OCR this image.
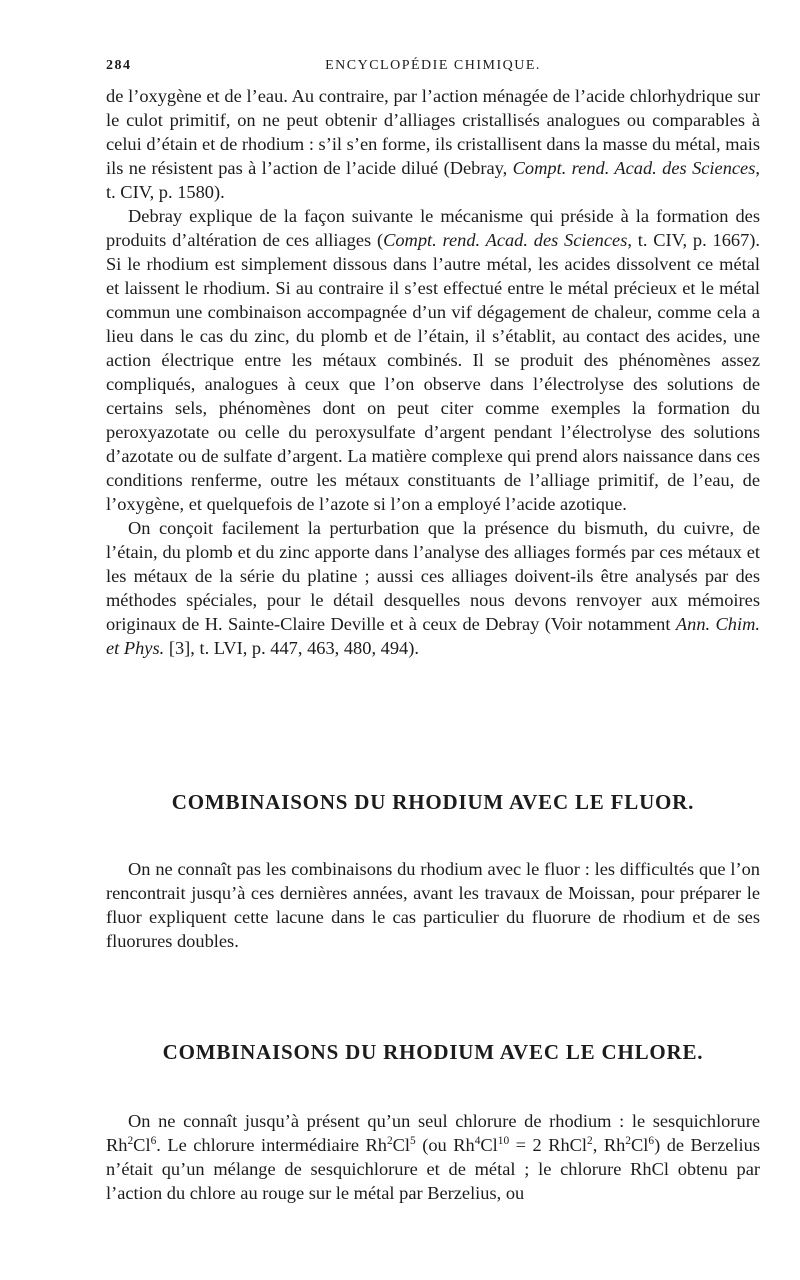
284	ENCYCLOPÉDIE CHIMIQUE.

de l’oxygène et de l’eau. Au contraire, par l’action ménagée de l’acide chlorhydrique sur le culot primitif, on ne peut obtenir d’alliages cristallisés analogues ou comparables à celui d’étain et de rhodium : s’il s’en forme, ils cristallisent dans la masse du métal, mais ils ne résistent pas à l’action de l’acide dilué (Debray, Compt. rend. Acad. des Sciences, t. CIV, p. 1580).

Debray explique de la façon suivante le mécanisme qui préside à la formation des produits d’altération de ces alliages (Compt. rend. Acad. des Sciences, t. CIV, p. 1667). Si le rhodium est simplement dissous dans l’autre métal, les acides dissolvent ce métal et laissent le rhodium. Si au contraire il s’est effectué entre le métal précieux et le métal commun une combinaison accompagnée d’un vif dégagement de chaleur, comme cela a lieu dans le cas du zinc, du plomb et de l’étain, il s’établit, au contact des acides, une action électrique entre les métaux combinés. Il se produit des phénomènes assez compliqués, analogues à ceux que l’on observe dans l’électrolyse des solutions de certains sels, phénomènes dont on peut citer comme exemples la formation du peroxyazotate ou celle du peroxysulfate d’argent pendant l’électrolyse des solutions d’azotate ou de sulfate d’argent. La matière complexe qui prend alors naissance dans ces conditions renferme, outre les métaux constituants de l’alliage primitif, de l’eau, de l’oxygène, et quelquefois de l’azote si l’on a employé l’acide azotique.

On conçoit facilement la perturbation que la présence du bismuth, du cuivre, de l’étain, du plomb et du zinc apporte dans l’analyse des alliages formés par ces métaux et les métaux de la série du platine ; aussi ces alliages doivent-ils être analysés par des méthodes spéciales, pour le détail desquelles nous devons renvoyer aux mémoires originaux de H. Sainte-Claire Deville et à ceux de Debray (Voir notamment Ann. Chim. et Phys. [3], t. LVI, p. 447, 463, 480, 494).

COMBINAISONS DU RHODIUM AVEC LE FLUOR.

On ne connaît pas les combinaisons du rhodium avec le fluor : les difficultés que l’on rencontrait jusqu’à ces dernières années, avant les travaux de Moissan, pour préparer le fluor expliquent cette lacune dans le cas particulier du fluorure de rhodium et de ses fluorures doubles.

COMBINAISONS DU RHODIUM AVEC LE CHLORE.

On ne connaît jusqu’à présent qu’un seul chlorure de rhodium : le sesquichlorure Rh$^2$Cl$^6$. Le chlorure intermédiaire Rh$^2$Cl$^5$ (ou $Rh^4Cl^{10} = 2$ RhCl$^2$, Rh$^2$Cl$^6$) de Berzelius n’était qu’un mélange de sesquichlorure et de métal ; le chlorure RhCl obtenu par l’action du chlore au rouge sur le métal par Berzelius, ou
